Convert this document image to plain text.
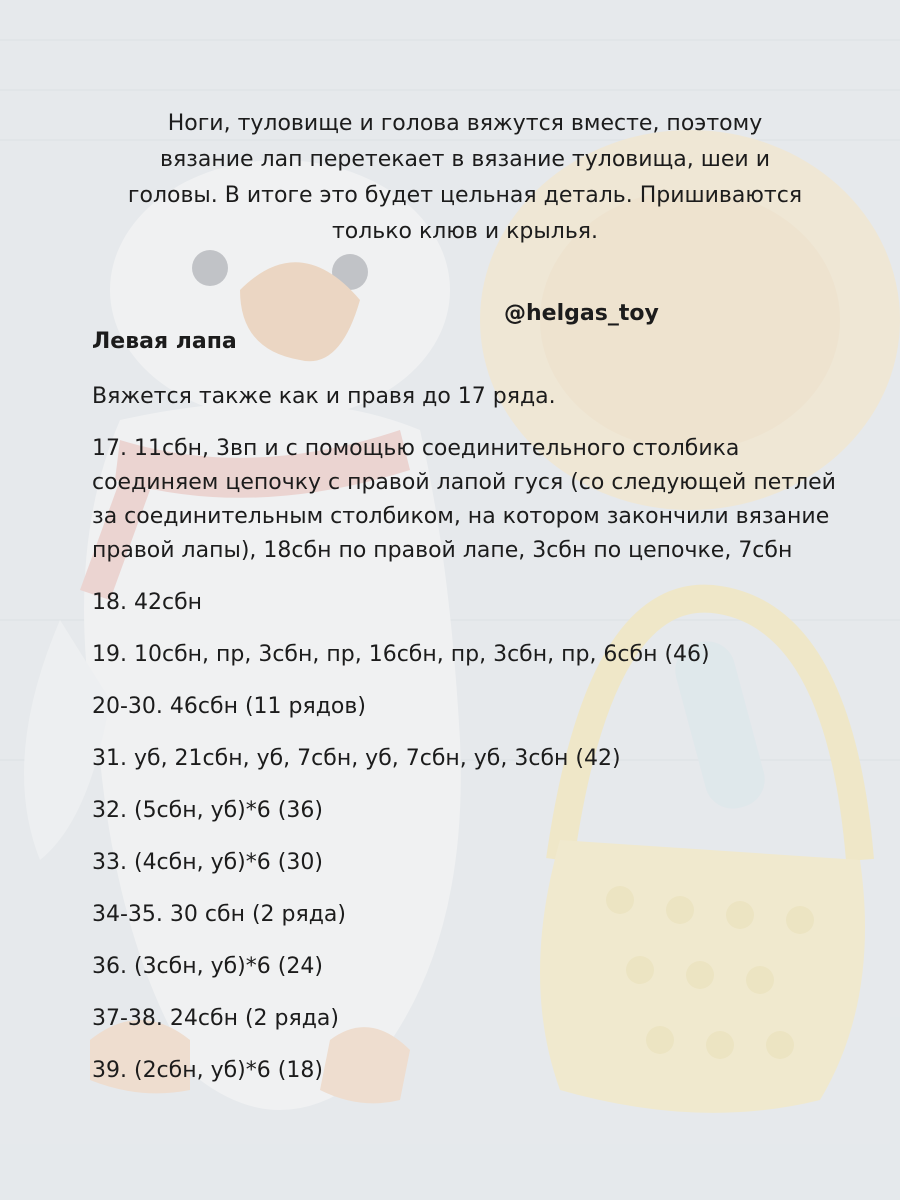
Ноги, туловище и голова вяжутся вместе, поэтому
вязание лап перетекает в вязание туловища, шеи и
головы. В итоге это будет цельная деталь. Пришиваются
только клюв и крылья.
@helgas_toy
Левая лапа
Вяжется также как и правя до 17 ряда.
17. 11сбн, 3вп и с помощью соединительного столбика соединяем цепочку с правой лапой гуся (со следующей петлей за соединительным столбиком, на котором закончили вязание правой лапы), 18сбн по правой лапе, 3сбн по цепочке, 7сбн
18. 42сбн
19. 10сбн, пр, 3сбн, пр, 16сбн, пр, 3сбн, пр, 6сбн (46)
20-30. 46сбн (11 рядов)
31. уб, 21сбн, уб, 7сбн, уб, 7сбн, уб, 3сбн (42)
32. (5сбн, уб)*6 (36)
33. (4сбн, уб)*6 (30)
34-35. 30 сбн (2 ряда)
36. (3сбн, уб)*6 (24)
37-38. 24сбн (2 ряда)
39. (2сбн, уб)*6 (18)
